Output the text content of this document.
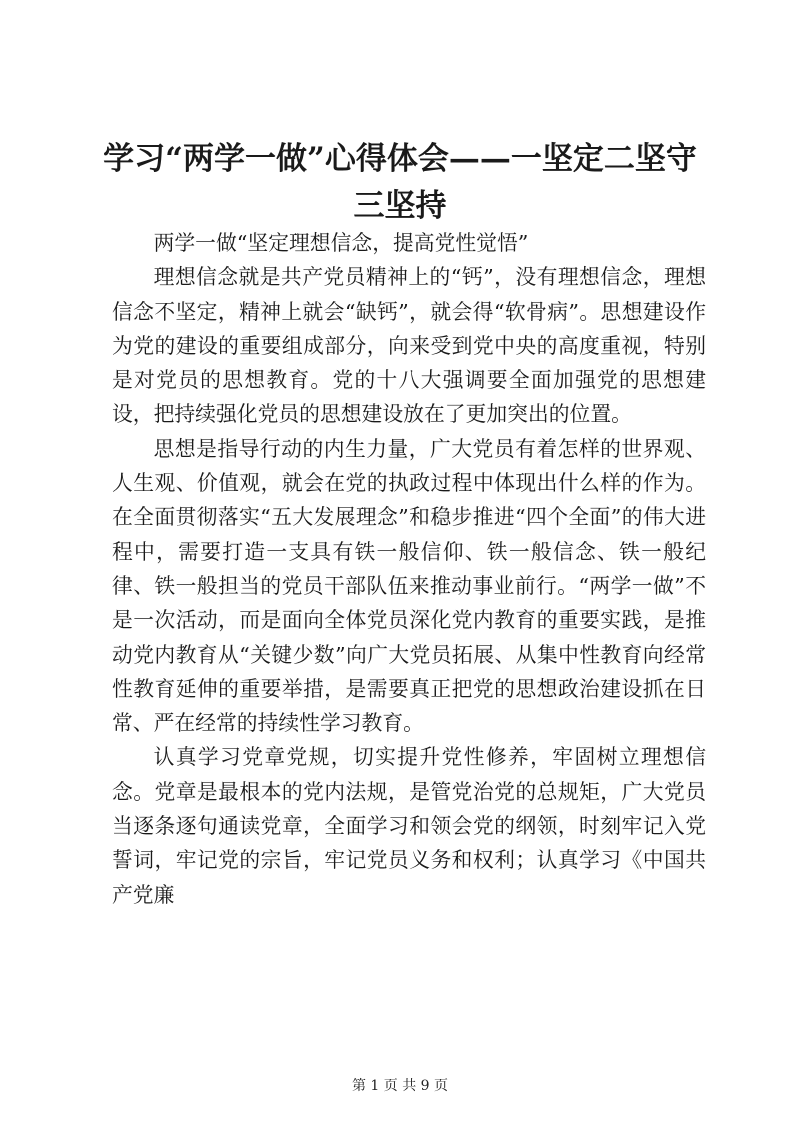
学习“两学一做”心得体会——一坚定二坚守三坚持

两学一做“坚定理想信念，提高党性觉悟”

理想信念就是共产党员精神上的“钙”，没有理想信念，理想信念不坚定，精神上就会“缺钙”，就会得“软骨病”。思想建设作为党的建设的重要组成部分，向来受到党中央的高度重视，特别是对党员的思想教育。党的十八大强调要全面加强党的思想建设，把持续强化党员的思想建设放在了更加突出的位置。

思想是指导行动的内生力量，广大党员有着怎样的世界观、人生观、价值观，就会在党的执政过程中体现出什么样的作为。在全面贯彻落实“五大发展理念”和稳步推进“四个全面”的伟大进程中，需要打造一支具有铁一般信仰、铁一般信念、铁一般纪律、铁一般担当的党员干部队伍来推动事业前行。“两学一做”不是一次活动，而是面向全体党员深化党内教育的重要实践，是推动党内教育从“关键少数”向广大党员拓展、从集中性教育向经常性教育延伸的重要举措，是需要真正把党的思想政治建设抓在日常、严在经常的持续性学习教育。

认真学习党章党规，切实提升党性修养，牢固树立理想信念。党章是最根本的党内法规，是管党治党的总规矩，广大党员当逐条逐句通读党章，全面学习和领会党的纲领，时刻牢记入党誓词，牢记党的宗旨，牢记党员义务和权利；认真学习《中国共产党廉

第 1 页 共 9 页
